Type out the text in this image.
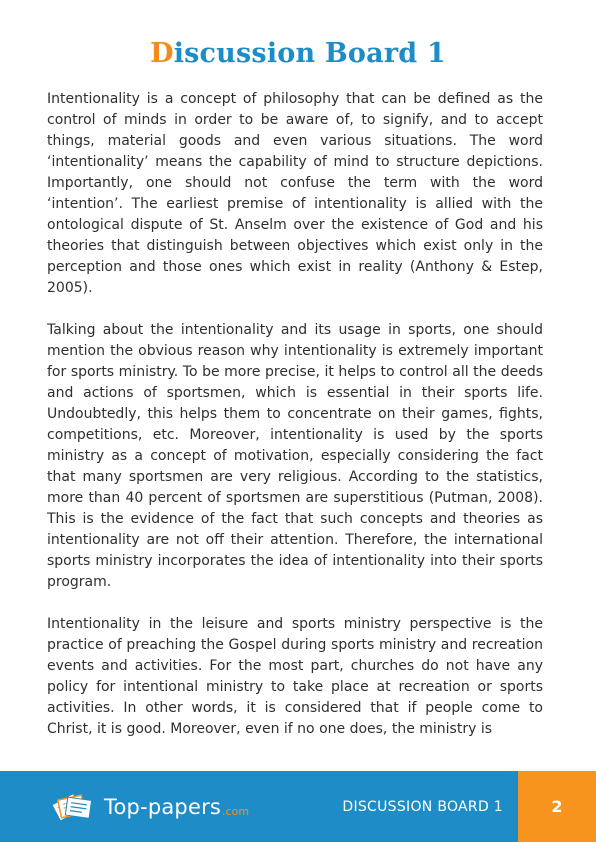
Discussion Board 1

Intentionality is a concept of philosophy that can be defined as the control of minds in order to be aware of, to signify, and to accept things, material goods and even various situations. The word ‘intentionality’ means the capability of mind to structure depictions. Importantly, one should not confuse the term with the word ‘intention’. The earliest premise of intentionality is allied with the ontological dispute of St. Anselm over the existence of God and his theories that distinguish between objectives which exist only in the perception and those ones which exist in reality (Anthony & Estep, 2005).

Talking about the intentionality and its usage in sports, one should mention the obvious reason why intentionality is extremely important for sports ministry. To be more precise, it helps to control all the deeds and actions of sportsmen, which is essential in their sports life. Undoubtedly, this helps them to concentrate on their games, fights, competitions, etc. Moreover, intentionality is used by the sports ministry as a concept of motivation, especially considering the fact that many sportsmen are very religious. According to the statistics, more than 40 percent of sportsmen are superstitious (Putman, 2008). This is the evidence of the fact that such concepts and theories as intentionality are not off their attention. Therefore, the international sports ministry incorporates the idea of intentionality into their sports program.

Intentionality in the leisure and sports ministry perspective is the practice of preaching the Gospel during sports ministry and recreation events and activities. For the most part, churches do not have any policy for intentional ministry to take place at recreation or sports activities. In other words, it is considered that if people come to Christ, it is good. Moreover, even if no one does, the ministry is

Top-papers .com	DISCUSSION BOARD 1	2
